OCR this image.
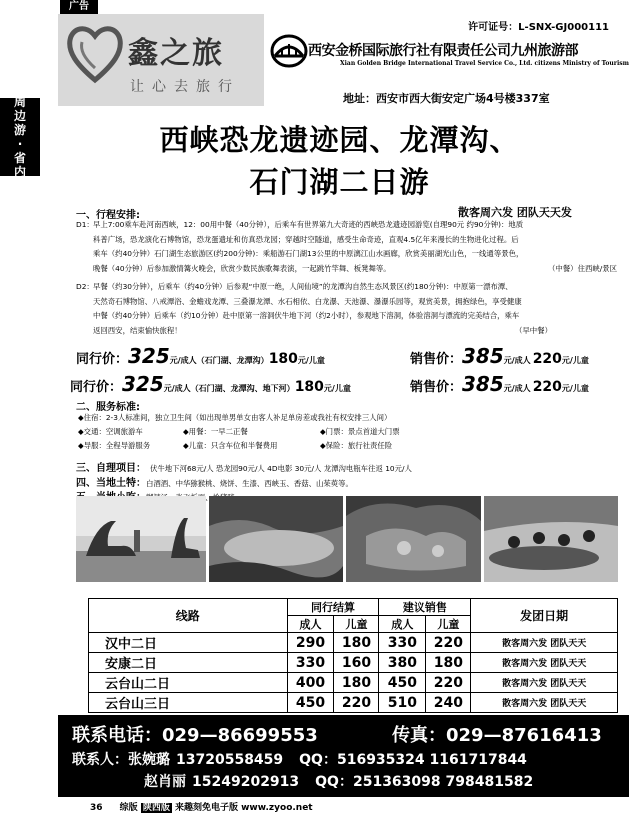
广告
周
边
游
·
省
内
鑫之旅
让心去旅行
许可证号：L-SNX-GJ000111
西安金桥国际旅行社有限责任公司九州旅游部
Xian Golden Bridge International Travel Service Co., Ltd. citizens Ministry of Tourism
地址：西安市西大街安定广场4号楼337室
西峡恐龙遗迹园、龙潭沟、
石门湖二日游
一、行程安排:	散客周六发 团队天天发
D1： 早上7:00乘车赴河南西峡，12：00用中餐（40分钟），后乘车有世界第九大奇迹的西峡恐龙遗迹园游览(自理90元 约90分钟)：地质
科普广场，恐龙演化石博物馆，恐龙蛋遗址和仿真恐龙园；穿越时空隧道，感受生命奇迹，直观4.5亿年来漫长的生物进化过程。后
乘车（约40分钟）石门湖生态旅游区(约200分钟)：乘船游石门湖13公里的中原漓江山水画廊，欣赏美丽湖光山色，一线通等景色，
晚餐（40分钟）后参加激情篝火晚会，欣赏少数民族歌舞表演，一起跳竹竿舞、板凳舞等。	（中餐）住西峡/景区
D2： 早餐（约30分钟），后乘车（约40分钟）后参观“中原一绝，人间仙境”的龙潭沟自然生态风景区(约180分钟)：中原第一漂布潭、
天然奇石博物馆、八戒潭浴、金蟾戏龙潭、三叠瀑龙潭、水石相依、白龙瀑、天池瀑、瀑瀑乐园等，观赏美景，拥抱绿色，享受健康
中餐（约40分钟）后乘车（约10分钟）赴中原第一溶洞伏牛地下河（约2小时），参观地下溶洞，体验溶洞与漂流的完美结合，乘车
返回西安，结束愉快旅程！	（早中餐）
同行价：325元/成人（石门湖、龙潭沟）180元/儿童	销售价：385元/成人 220元/儿童
同行价：325元/成人（石门湖、龙潭沟、地下河）180元/儿童	销售价：385元/成人 220元/儿童
二、服务标准:
◆住宿：2-3人标准间，独立卫生间（如出现单男单女由客人补足单房差或我社有权安排三人间）
◆交通：空调旅游车	◆用餐：一早二正餐	◆门票：景点首道大门票
◆导服：全程导游服务	◆儿童：只含车位和半餐费用	◆保险：旅行社责任险
三、自理项目： 伏牛地下河68元/人 恐龙园90元/人 4D电影 30元/人 龙潭沟电瓶车往返 10元/人
四、当地土特：白酒酒、中华猕猴桃、烧饼、生漆、西峡玉、香菇、山茱萸等。
线路	同行结算		建议销售		发团日期
	成人	儿童	成人	儿童	
汉中二日	290	180	330	220	散客周六发 团队天天
安康二日	330	160	380	180	散客周六发 团队天天
云台山二日	400	180	450	220	散客周六发 团队天天
云台山三日	450	220	510	240	散客周六发 团队天天
联系电话：029—86699553	传真：029—87616413
联系人：张婉璐 13720558459 QQ：516935324 1161717844
赵肖丽 15249202913 QQ：251363098 798481582
36 综版 陕西版 来趣刻免电子版 www.zyoo.net
